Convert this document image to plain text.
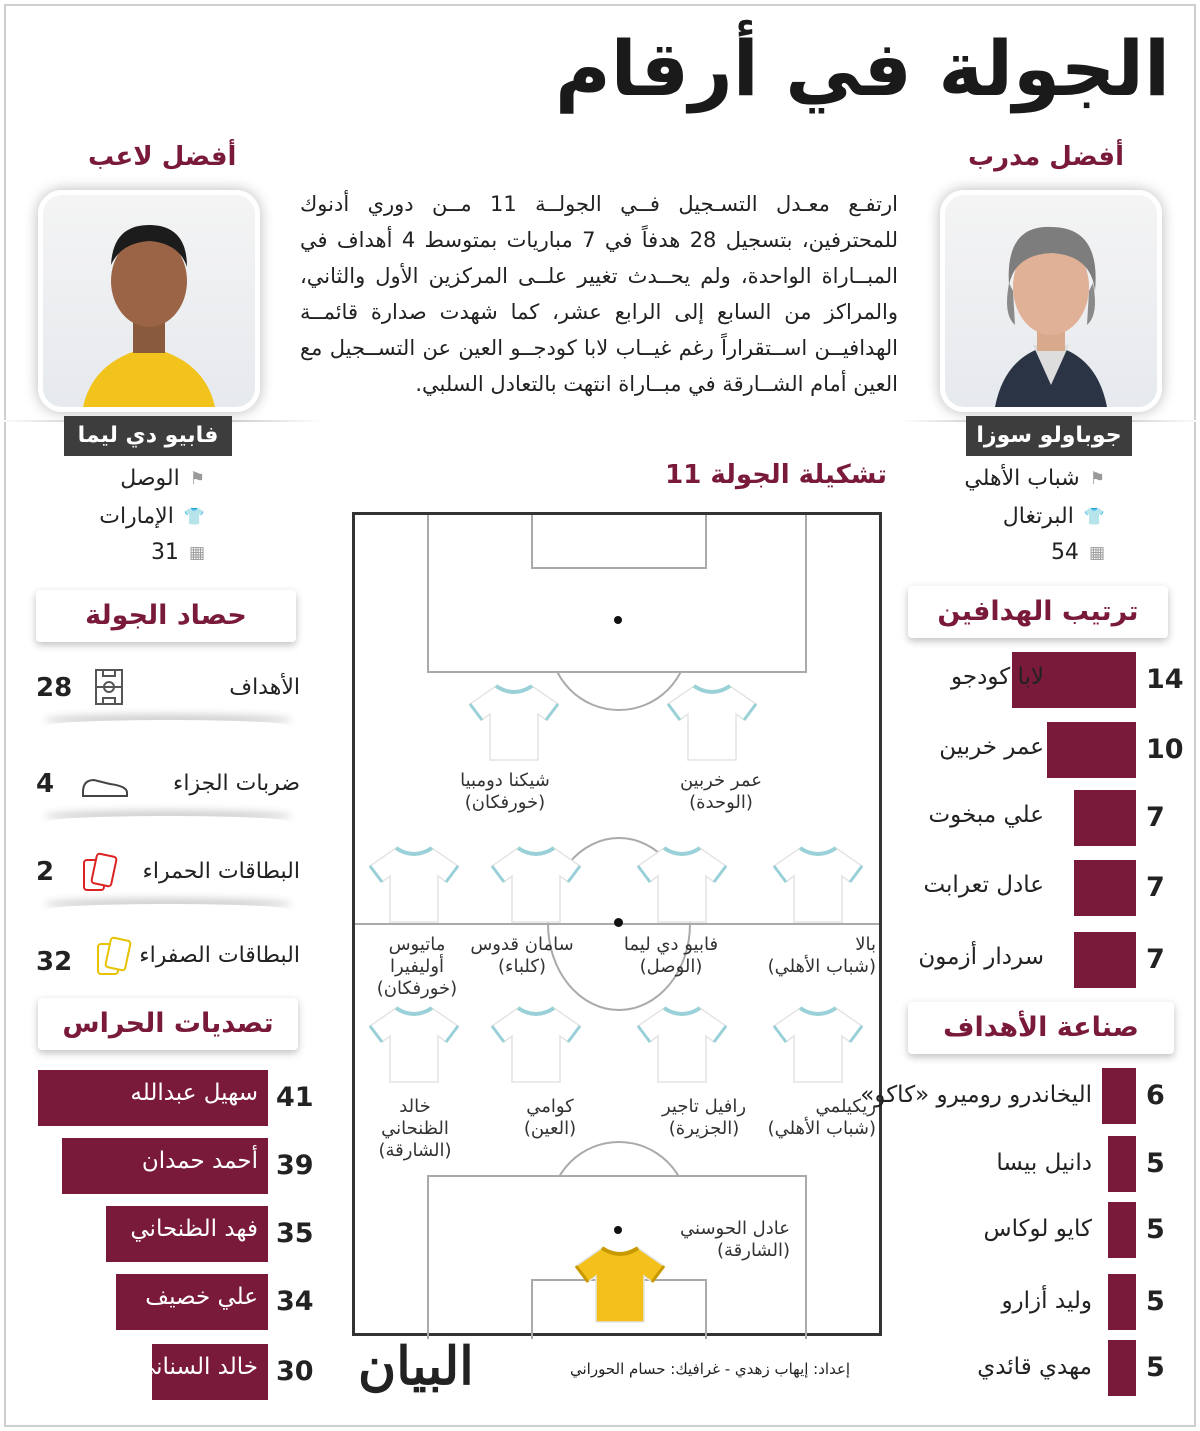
الجولة في أرقام
أفضل مدرب
جوباولو سوزا
⚑
شباب الأهلي
👕
البرتغال
▦
54
أفضل لاعب
فابيو دي ليما
⚑
الوصل
👕
الإمارات
▦
31
ارتفـع معـدل التسـجيل فــي الجولــة 11 مــن دوري أدنوك للمحترفين، بتسجيل 28 هدفاً في 7 مباريات بمتوسط 4 أهداف في المبــاراة الواحدة، ولم يحــدث تغيير علــى المركزين الأول والثاني، والمراكز من السابع إلى الرابع عشر، كما شهدت صدارة قائمــة الهدافيــن اســتقراراً رغم غيــاب لابا كودجــو العين عن التســجيل مع العين أمام الشــارقة في مبــاراة انتهت بالتعادل السلبي.
تشكيلة الجولة 11
شيكنا دومبيا
(خورفكان)
عمر خربين
(الوحدة)
ماتيوس أوليفيرا
(خورفكان)
سامان قدوس
(كلباء)
فابيو دي ليما
(الوصل)
بالا
(شباب الأهلي)
خالد الظنحاني
(الشارقة)
كوامي
(العين)
رافيل تاجير
(الجزيرة)
ريكيلمي
(شباب الأهلي)
عادل الحوسني
(الشارقة)
حصاد الجولة
الأهداف
28
ضربات الجزاء
4
البطاقات الحمراء
2
البطاقات الصفراء
32
تصديات الحراس
سهيل عبدالله 41
أحمد حمدان 39
فهد الظنحاني 35
علي خصيف 34
خالد السناني 30
ترتيب الهدافين
14
10
7
7
7
لابا كودجو
عمر خربين
علي مبخوت
عادل تعرابت
سردار أزمون
صناعة الأهداف
6
5
5
5
5
اليخاندرو روميرو «كاكو»
دانيل بيسا
كايو لوكاس
وليد أزارو
مهدي قائدي
البيان	إعداد: إيهاب زهدي - غرافيك: حسام الحوراني
